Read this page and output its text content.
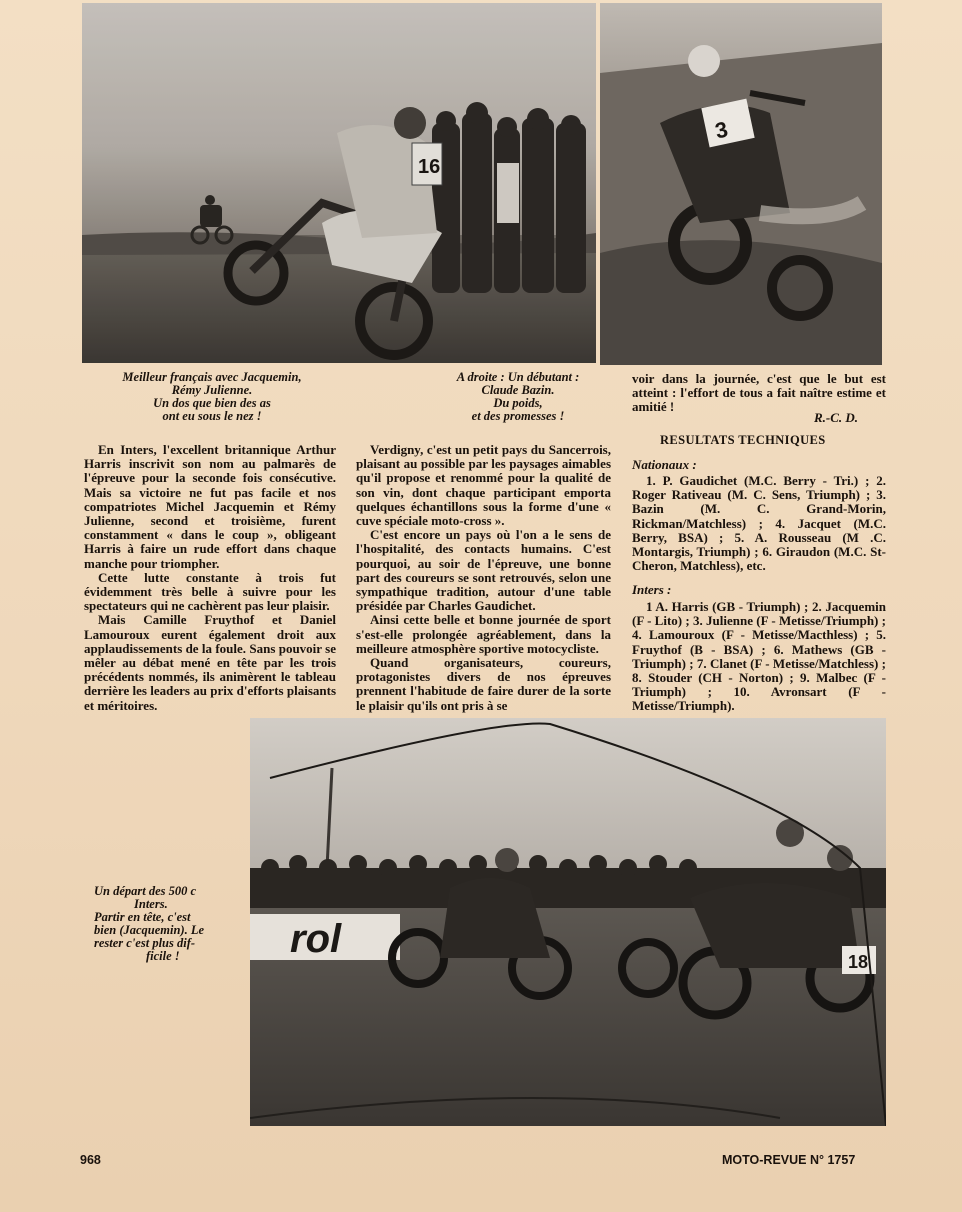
16
3
Meilleur français avec Jacquemin,
Rémy Julienne.
Un dos que bien des as
ont eu sous le nez !
A droite : Un débutant :
Claude Bazin.
Du poids,
et des promesses !

voir dans la journée, c'est que le but est atteint : l'effort de tous a fait naître estime et amitié !

R.-C. D.

En Inters, l'excellent britannique Arthur Harris inscrivit son nom au palmarès de l'épreuve pour la seconde fois consécutive. Mais sa victoire ne fut pas facile et nos compatriotes Michel Jacquemin et Rémy Julienne, second et troisième, furent constamment « dans le coup », obligeant Harris à faire un rude effort dans chaque manche pour triompher.

Cette lutte constante à trois fut évidemment très belle à suivre pour les spectateurs qui ne cachèrent pas leur plaisir.

Mais Camille Fruythof et Daniel Lamouroux eurent également droit aux applaudissements de la foule. Sans pouvoir se mêler au débat mené en tête par les trois précédents nommés, ils animèrent le tableau derrière les leaders au prix d'efforts plaisants et méritoires.

Verdigny, c'est un petit pays du Sancerrois, plaisant au possible par les paysages aimables qu'il propose et renommé pour la qualité de son vin, dont chaque participant emporta quelques échantillons sous la forme d'une « cuve spéciale moto-cross ».

C'est encore un pays où l'on a le sens de l'hospitalité, des contacts humains. C'est pourquoi, au soir de l'épreuve, une bonne part des coureurs se sont retrouvés, selon une sympathique tradition, autour d'une table présidée par Charles Gaudichet.

Ainsi cette belle et bonne journée de sport s'est-elle prolongée agréablement, dans la meilleure atmosphère sportive motocycliste.

Quand organisateurs, coureurs, protagonistes divers de nos épreuves prennent l'habitude de faire durer de la sorte le plaisir qu'ils ont pris à se

RESULTATS TECHNIQUES
Nationaux :
1. P. Gaudichet (M.C. Berry - Tri.) ; 2. Roger Rativeau (M. C. Sens, Triumph) ; 3. Bazin (M. C. Grand-Morin, Rickman/Matchless) ; 4. Jacquet (M.C. Berry, BSA) ; 5. A. Rousseau (M .C. Montargis, Triumph) ; 6. Giraudon (M.C. St-Cheron, Matchless), etc.
Inters :
1 A. Harris (GB - Triumph) ; 2. Jacquemin (F - Lito) ; 3. Julienne (F - Metisse/Triumph) ; 4. Lamouroux (F - Metisse/Macthless) ; 5. Fruythof (B - BSA) ; 6. Mathews (GB - Triumph) ; 7. Clanet (F - Metisse/Matchless) ; 8. Stouder (CH - Norton) ; 9. Malbec (F - Triumph) ; 10. Avronsart (F - Metisse/Triumph).
rol
18
Un départ des 500 c
Inters.
Partir en tête, c'est
bien (Jacquemin). Le
rester c'est plus dif-
ficile !
968	MOTO-REVUE N° 1757
